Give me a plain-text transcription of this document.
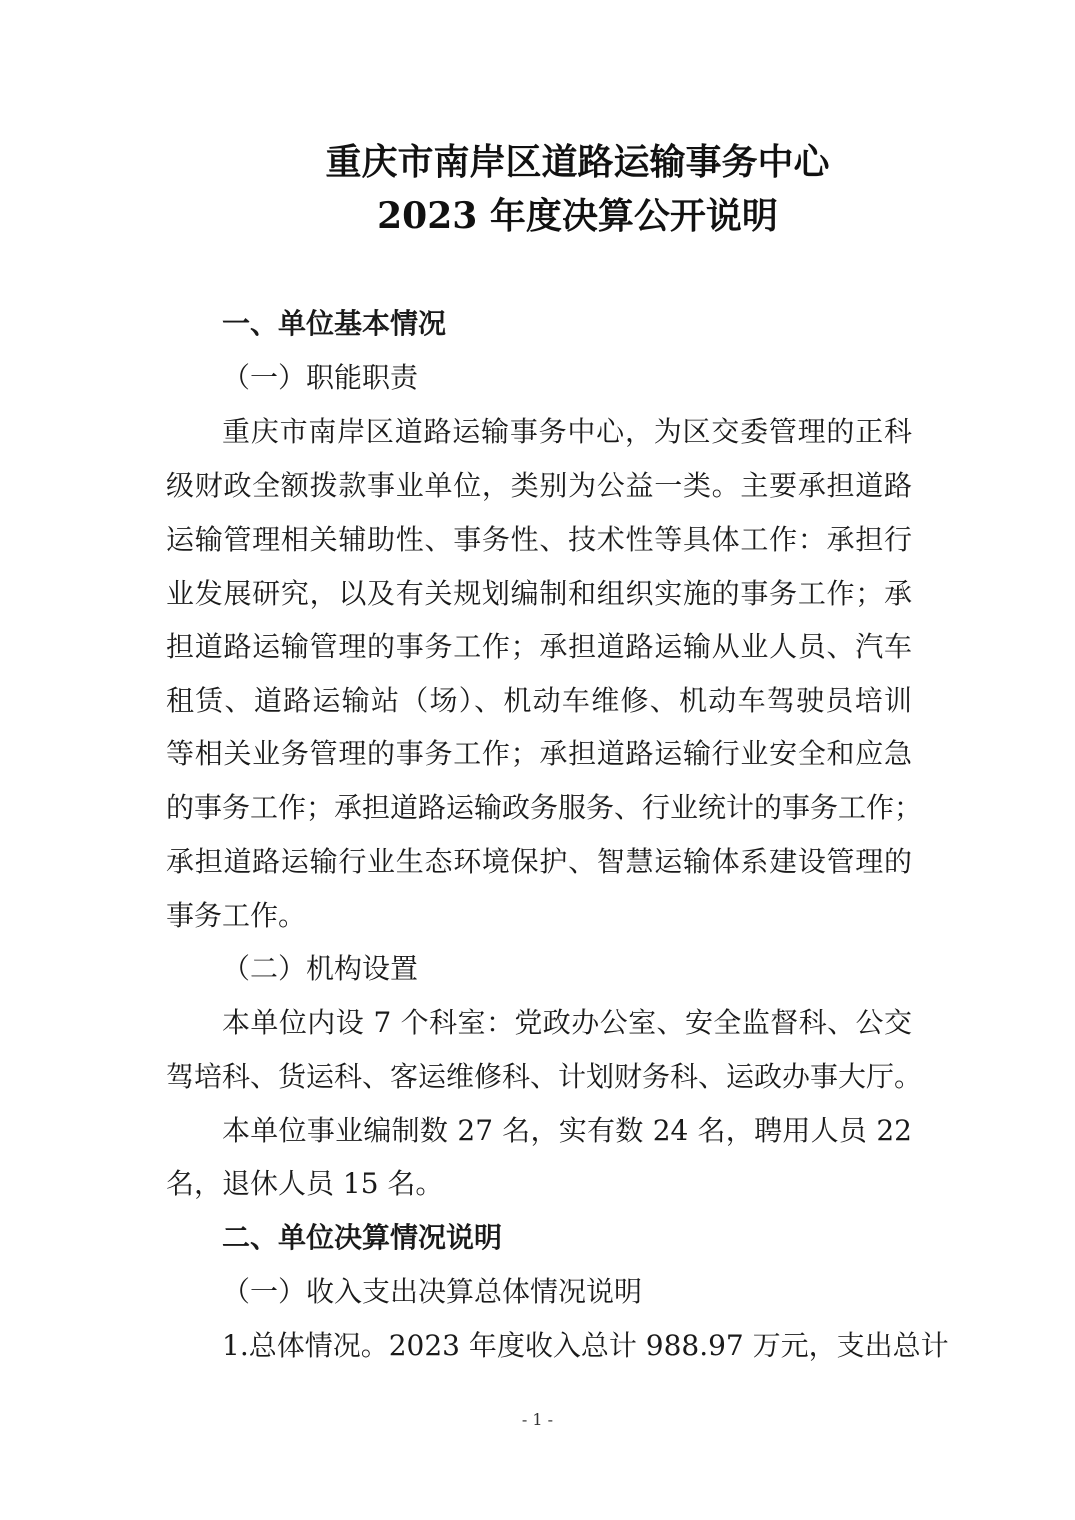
重庆市南岸区道路运输事务中心
2023 年度决算公开说明
一、单位基本情况
（一）职能职责
重庆市南岸区道路运输事务中心，为区交委管理的正科
级财政全额拨款事业单位，类别为公益一类。主要承担道路
运输管理相关辅助性、事务性、技术性等具体工作：承担行
业发展研究，以及有关规划编制和组织实施的事务工作；承
担道路运输管理的事务工作；承担道路运输从业人员、汽车
租赁、道路运输站（场）、机动车维修、机动车驾驶员培训
等相关业务管理的事务工作；承担道路运输行业安全和应急
的事务工作；承担道路运输政务服务、行业统计的事务工作；
承担道路运输行业生态环境保护、智慧运输体系建设管理的
事务工作。
（二）机构设置
本单位内设 7 个科室：党政办公室、安全监督科、公交
驾培科、货运科、客运维修科、计划财务科、运政办事大厅。
本单位事业编制数 27 名，实有数 24 名，聘用人员 22
名，退休人员 15 名。
二、单位决算情况说明
（一）收入支出决算总体情况说明
1.总体情况。2023 年度收入总计 988.97 万元，支出总计
- 1 -
